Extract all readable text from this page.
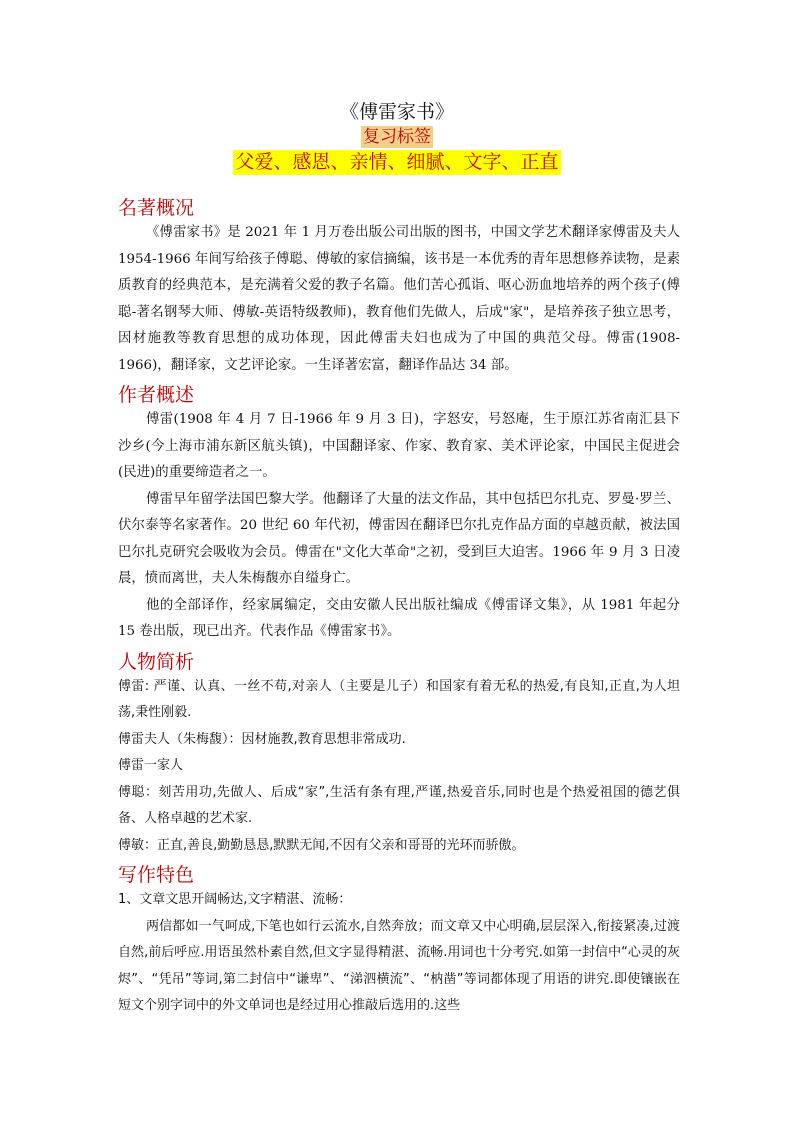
《傅雷家书》
复习标签
父爱、感恩、亲情、细腻、文字、正直
名著概况

《傅雷家书》是 2021 年 1 月万卷出版公司出版的图书，中国文学艺术翻译家傅雷及夫人 1954-1966 年间写给孩子傅聪、傅敏的家信摘编，该书是一本优秀的青年思想修养读物，是素质教育的经典范本，是充满着父爱的教子名篇。他们苦心孤诣、呕心沥血地培养的两个孩子(傅聪-著名钢琴大师、傅敏-英语特级教师)，教育他们先做人，后成"家"，是培养孩子独立思考，因材施教等教育思想的成功体现，因此傅雷夫妇也成为了中国的典范父母。傅雷(1908-1966)，翻译家，文艺评论家。一生译著宏富，翻译作品达 34 部。

作者概述

傅雷(1908 年 4 月 7 日-1966 年 9 月 3 日)，字怒安，号怒庵，生于原江苏省南汇县下沙乡(今上海市浦东新区航头镇)，中国翻译家、作家、教育家、美术评论家，中国民主促进会(民进)的重要缔造者之一。

傅雷早年留学法国巴黎大学。他翻译了大量的法文作品，其中包括巴尔扎克、罗曼·罗兰、伏尔泰等名家著作。20 世纪 60 年代初，傅雷因在翻译巴尔扎克作品方面的卓越贡献，被法国巴尔扎克研究会吸收为会员。傅雷在"文化大革命"之初，受到巨大迫害。1966 年 9 月 3 日凌晨，愤而离世，夫人朱梅馥亦自缢身亡。

他的全部译作，经家属编定，交由安徽人民出版社编成《傅雷译文集》，从 1981 年起分 15 卷出版，现已出齐。代表作品《傅雷家书》。

人物简析

傅雷: 严谨、认真、一丝不苟,对亲人（主要是儿子）和国家有着无私的热爱,有良知,正直,为人坦荡,秉性刚毅.

傅雷夫人（朱梅馥）：因材施教,教育思想非常成功.

傅雷一家人

傅聪：刻苦用功,先做人、后成“家”,生活有条有理,严谨,热爱音乐,同时也是个热爱祖国的德艺俱备、人格卓越的艺术家.

傅敏：正直,善良,勤勤恳恳,默默无闻,不因有父亲和哥哥的光环而骄傲。

写作特色

1、文章文思开阔畅达,文字精湛、流畅：

两信都如一气呵成,下笔也如行云流水,自然奔放；而文章又中心明确,层层深入,衔接紧凑,过渡自然,前后呼应.用语虽然朴素自然,但文字显得精湛、流畅.用词也十分考究.如第一封信中“心灵的灰烬”、“凭吊”等词,第二封信中“谦卑”、“涕泗横流”、“枘凿”等词都体现了用语的讲究.即使镶嵌在短文个别字词中的外文单词也是经过用心推敲后选用的.这些
